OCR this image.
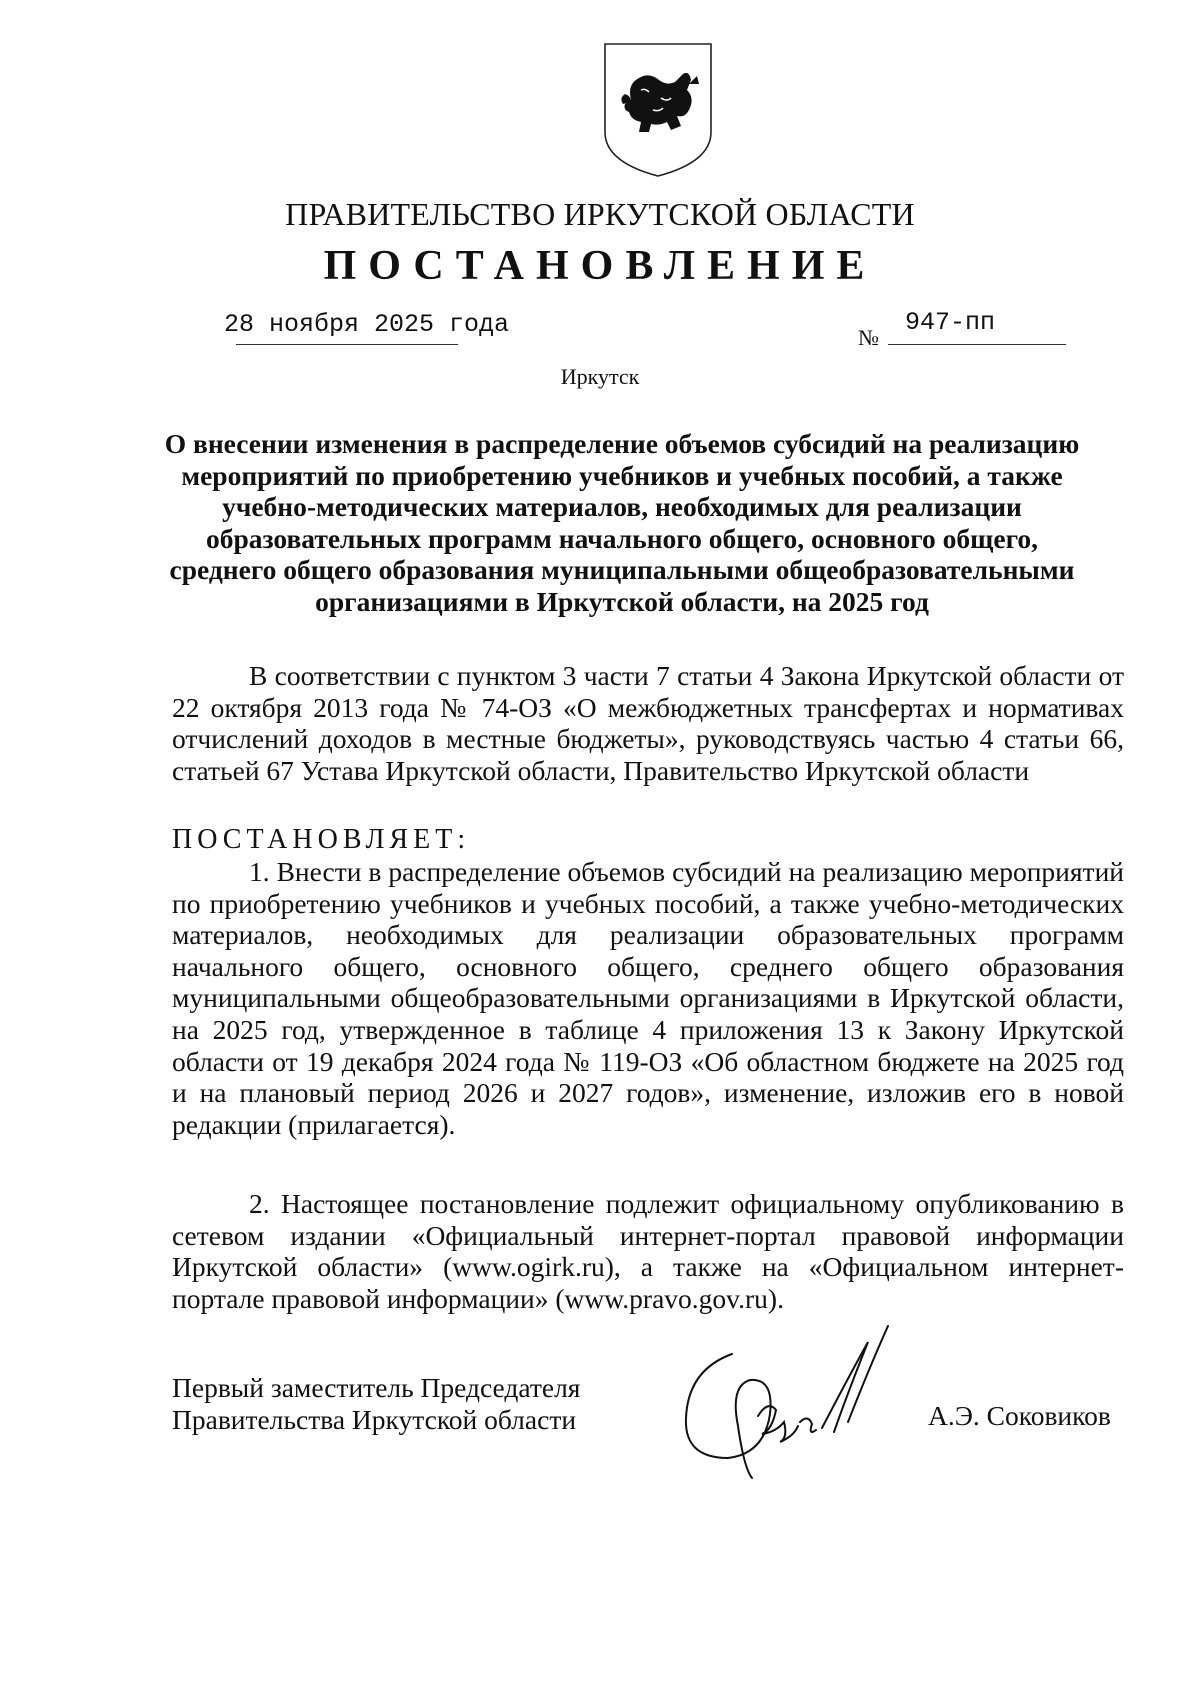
ПРАВИТЕЛЬСТВО ИРКУТСКОЙ ОБЛАСТИ
ПОСТАНОВЛЕНИЕ
28 ноября 2025 года	№
947-пп
Иркутск
О внесении изменения в распределение объемов субсидий на реализацию мероприятий по приобретению учебников и учебных пособий, а также учебно-методических материалов, необходимых для реализации образовательных программ начального общего, основного общего, среднего общего образования муниципальными общеобразовательными организациями в Иркутской области, на 2025 год
В соответствии с пунктом 3 части 7 статьи 4 Закона Иркутской области от 22 октября 2013 года № 74-ОЗ «О межбюджетных трансфертах и нормативах отчислений доходов в местные бюджеты», руководствуясь частью 4 статьи 66, статьей 67 Устава Иркутской области, Правительство Иркутской области
ПОСТАНОВЛЯЕТ:
1. Внести в распределение объемов субсидий на реализацию мероприятий по приобретению учебников и учебных пособий, а также учебно-методических материалов, необходимых для реализации образовательных программ начального общего, основного общего, среднего общего образования муниципальными общеобразовательными организациями в Иркутской области, на 2025 год, утвержденное в таблице 4 приложения 13 к Закону Иркутской области от 19 декабря 2024 года № 119-ОЗ «Об областном бюджете на 2025 год и на плановый период 2026 и 2027 годов», изменение, изложив его в новой редакции (прилагается).
2. Настоящее постановление подлежит официальному опубликованию в сетевом издании «Официальный интернет-портал правовой информации Иркутской области» (www.ogirk.ru), а также на «Официальном интернет-портале правовой информации» (www.pravo.gov.ru).
Первый заместитель Председателя
Правительства Иркутской области	А.Э. Соковиков
